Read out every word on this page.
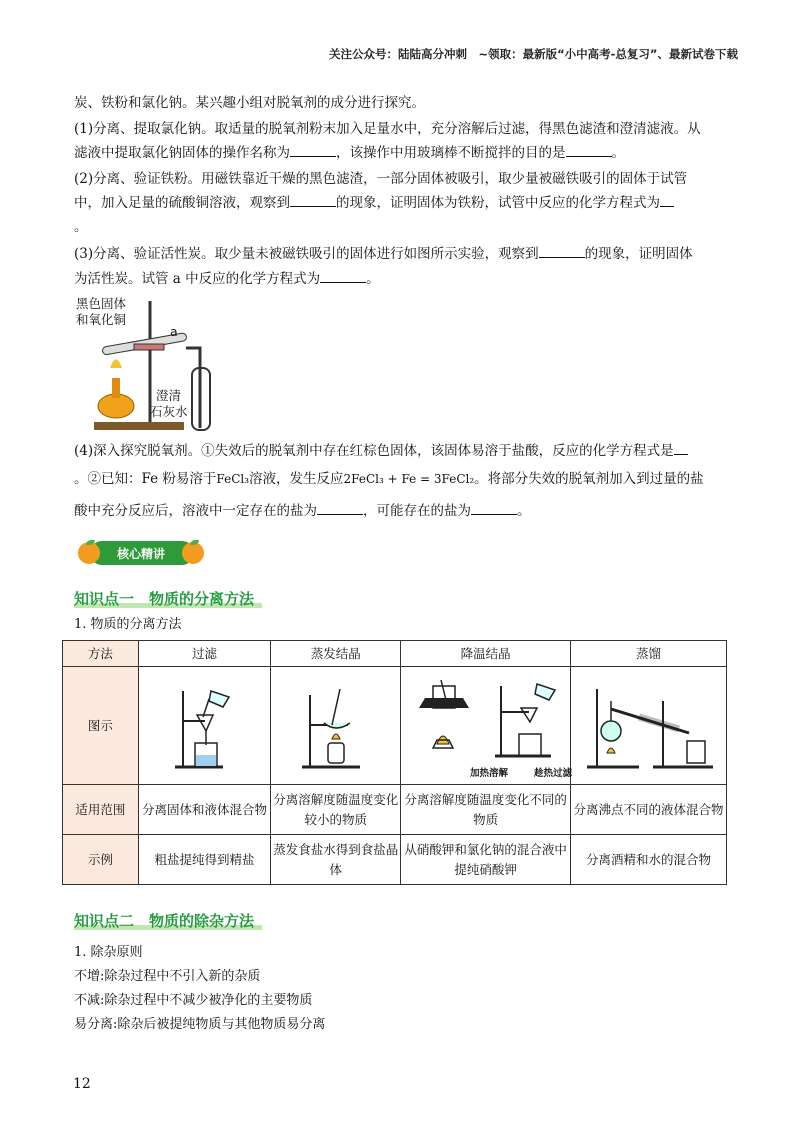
关注公众号：陆陆高分冲刺　~领取：最新版“小中高考-总复习”、最新试卷下载
炭、铁粉和氯化钠。某兴趣小组对脱氧剂的成分进行探究。
(1)分离、提取氯化钠。取适量的脱氧剂粉末加入足量水中，充分溶解后过滤，得黑色滤渣和澄清滤液。从
滤液中提取氯化钠固体的操作名称为	，该操作中用玻璃棒不断搅拌的目的是	。
(2)分离、验证铁粉。用磁铁靠近干燥的黑色滤渣，一部分固体被吸引，取少量被磁铁吸引的固体于试管
中，加入足量的硫酸铜溶液，观察到	的现象，证明固体为铁粉，试管中反应的化学方程式为
。
(3)分离、验证活性炭。取少量未被磁铁吸引的固体进行如图所示实验，观察到	的现象，证明固体
为活性炭。试管 a 中反应的化学方程式为	。
黑色固体
和氧化铜
a
澄清
石灰水
(4)深入探究脱氧剂。①失效后的脱氧剂中存在红棕色固体，该固体易溶于盐酸，反应的化学方程式是
。②已知：Fe 粉易溶于FeCl₃溶液，发生反应2FeCl₃ + Fe = 3FeCl₂。将部分失效的脱氧剂加入到过量的盐
酸中充分反应后，溶液中一定存在的盐为	，可能存在的盐为	。
核心精讲
知识点一　物质的分离方法
1. 物质的分离方法
方法	过滤	蒸发结晶	降温结晶	蒸馏
图示	

适用范围	分离固体和液体混合物	分离溶解度随温度变化较小的物质	分离溶解度随温度变化不同的物质	分离沸点不同的液体混合物
示例	粗盐提纯得到精盐	蒸发食盐水得到食盐晶体	从硝酸钾和氯化钠的混合液中提纯硝酸钾	分离酒精和水的混合物
加热溶解	趁热过滤
知识点二　物质的除杂方法
1. 除杂原则
不增:除杂过程中不引入新的杂质
不减:除杂过程中不减少被净化的主要物质
易分离:除杂后被提纯物质与其他物质易分离
12
